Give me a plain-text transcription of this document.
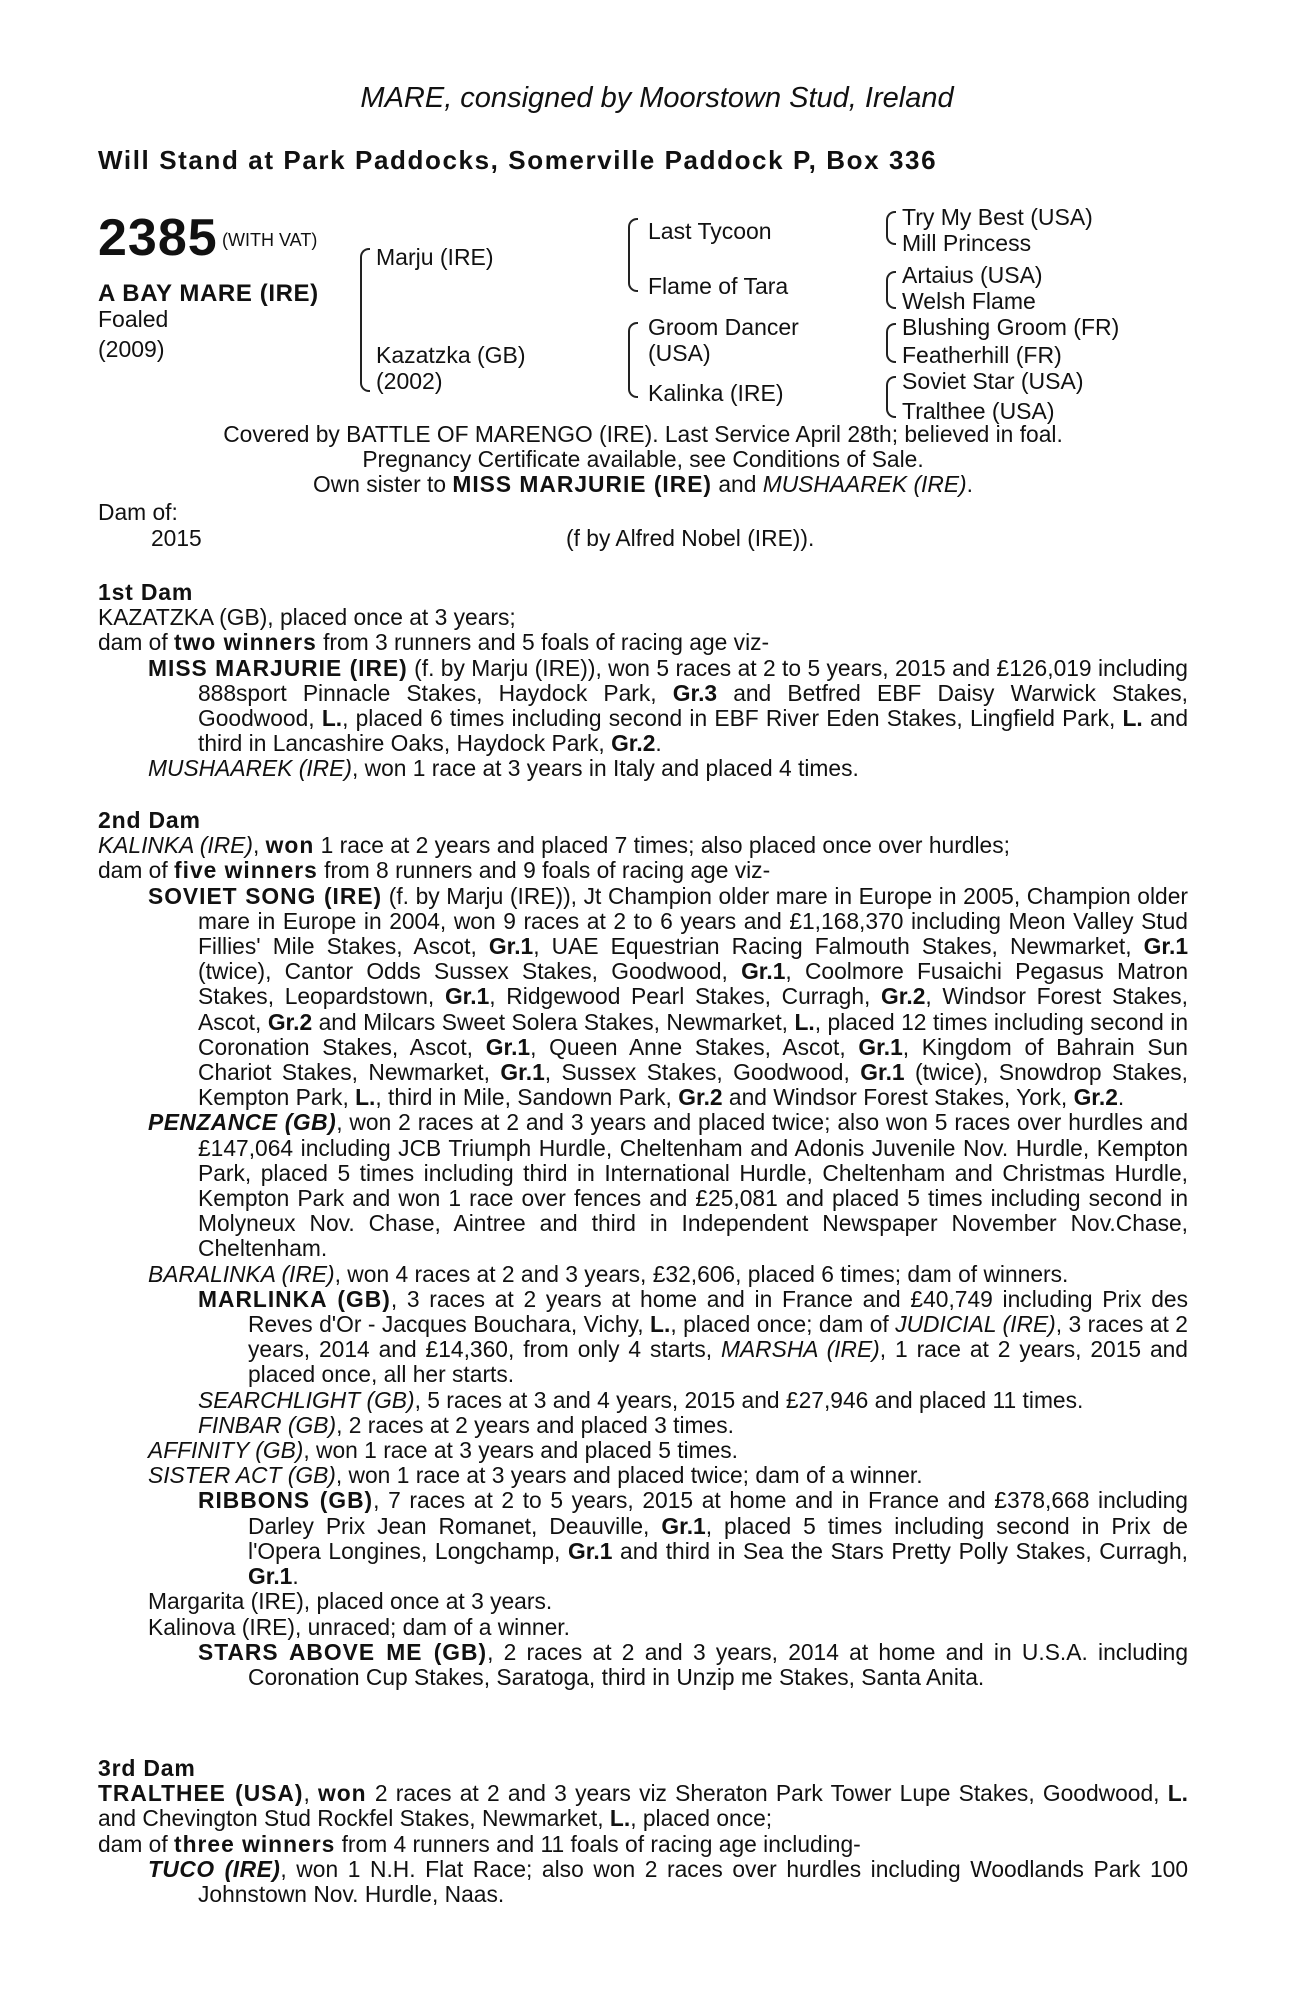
MARE, consigned by Moorstown Stud, Ireland
Will Stand at Park Paddocks, Somerville Paddock P, Box 336
2385 (WITH VAT)
A BAY MARE (IRE)
Foaled
(2009)
Marju (IRE)
Kazatzka (GB)
(2002)
Last Tycoon
Flame of Tara
Groom Dancer
(USA)
Kalinka (IRE)
Try My Best (USA)
Mill Princess
Artaius (USA)
Welsh Flame
Blushing Groom (FR)
Featherhill (FR)
Soviet Star (USA)
Tralthee (USA)

Covered by BATTLE OF MARENGO (IRE). Last Service April 28th; believed in foal.

Pregnancy Certificate available, see Conditions of Sale.

Own sister to MISS MARJURIE (IRE) and MUSHAAREK (IRE).

Dam of:
2015	(f by Alfred Nobel (IRE)).

1st Dam

KAZATZKA (GB), placed once at 3 years;

dam of two winners from 3 runners and 5 foals of racing age viz-

MISS MARJURIE (IRE) (f. by Marju (IRE)), won 5 races at 2 to 5 years, 2015 and £126,019 including 888sport Pinnacle Stakes, Haydock Park, Gr.3 and Betfred EBF Daisy Warwick Stakes, Goodwood, L., placed 6 times including second in EBF River Eden Stakes, Lingfield Park, L. and third in Lancashire Oaks, Haydock Park, Gr.2.

MUSHAAREK (IRE), won 1 race at 3 years in Italy and placed 4 times.

2nd Dam

KALINKA (IRE), won 1 race at 2 years and placed 7 times; also placed once over hurdles;

dam of five winners from 8 runners and 9 foals of racing age viz-

SOVIET SONG (IRE) (f. by Marju (IRE)), Jt Champion older mare in Europe in 2005, Champion older mare in Europe in 2004, won 9 races at 2 to 6 years and £1,168,370 including Meon Valley Stud Fillies' Mile Stakes, Ascot, Gr.1, UAE Equestrian Racing Falmouth Stakes, Newmarket, Gr.1 (twice), Cantor Odds Sussex Stakes, Goodwood, Gr.1, Coolmore Fusaichi Pegasus Matron Stakes, Leopardstown, Gr.1, Ridgewood Pearl Stakes, Curragh, Gr.2, Windsor Forest Stakes, Ascot, Gr.2 and Milcars Sweet Solera Stakes, Newmarket, L., placed 12 times including second in Coronation Stakes, Ascot, Gr.1, Queen Anne Stakes, Ascot, Gr.1, Kingdom of Bahrain Sun Chariot Stakes, Newmarket, Gr.1, Sussex Stakes, Goodwood, Gr.1 (twice), Snowdrop Stakes, Kempton Park, L., third in Mile, Sandown Park, Gr.2 and Windsor Forest Stakes, York, Gr.2.

PENZANCE (GB), won 2 races at 2 and 3 years and placed twice; also won 5 races over hurdles and £147,064 including JCB Triumph Hurdle, Cheltenham and Adonis Juvenile Nov. Hurdle, Kempton Park, placed 5 times including third in International Hurdle, Cheltenham and Christmas Hurdle, Kempton Park and won 1 race over fences and £25,081 and placed 5 times including second in Molyneux Nov. Chase, Aintree and third in Independent Newspaper November Nov.Chase, Cheltenham.

BARALINKA (IRE), won 4 races at 2 and 3 years, £32,606, placed 6 times; dam of winners.

MARLINKA (GB), 3 races at 2 years at home and in France and £40,749 including Prix des Reves d'Or - Jacques Bouchara, Vichy, L., placed once; dam of JUDICIAL (IRE), 3 races at 2 years, 2014 and £14,360, from only 4 starts, MARSHA (IRE), 1 race at 2 years, 2015 and placed once, all her starts.

SEARCHLIGHT (GB), 5 races at 3 and 4 years, 2015 and £27,946 and placed 11 times.

FINBAR (GB), 2 races at 2 years and placed 3 times.

AFFINITY (GB), won 1 race at 3 years and placed 5 times.

SISTER ACT (GB), won 1 race at 3 years and placed twice; dam of a winner.

RIBBONS (GB), 7 races at 2 to 5 years, 2015 at home and in France and £378,668 including Darley Prix Jean Romanet, Deauville, Gr.1, placed 5 times including second in Prix de l'Opera Longines, Longchamp, Gr.1 and third in Sea the Stars Pretty Polly Stakes, Curragh, Gr.1.

Margarita (IRE), placed once at 3 years.

Kalinova (IRE), unraced; dam of a winner.

STARS ABOVE ME (GB), 2 races at 2 and 3 years, 2014 at home and in U.S.A. including Coronation Cup Stakes, Saratoga, third in Unzip me Stakes, Santa Anita.

3rd Dam

TRALTHEE (USA), won 2 races at 2 and 3 years viz Sheraton Park Tower Lupe Stakes, Goodwood, L. and Chevington Stud Rockfel Stakes, Newmarket, L., placed once;

dam of three winners from 4 runners and 11 foals of racing age including-

TUCO (IRE), won 1 N.H. Flat Race; also won 2 races over hurdles including Woodlands Park 100 Johnstown Nov. Hurdle, Naas.
